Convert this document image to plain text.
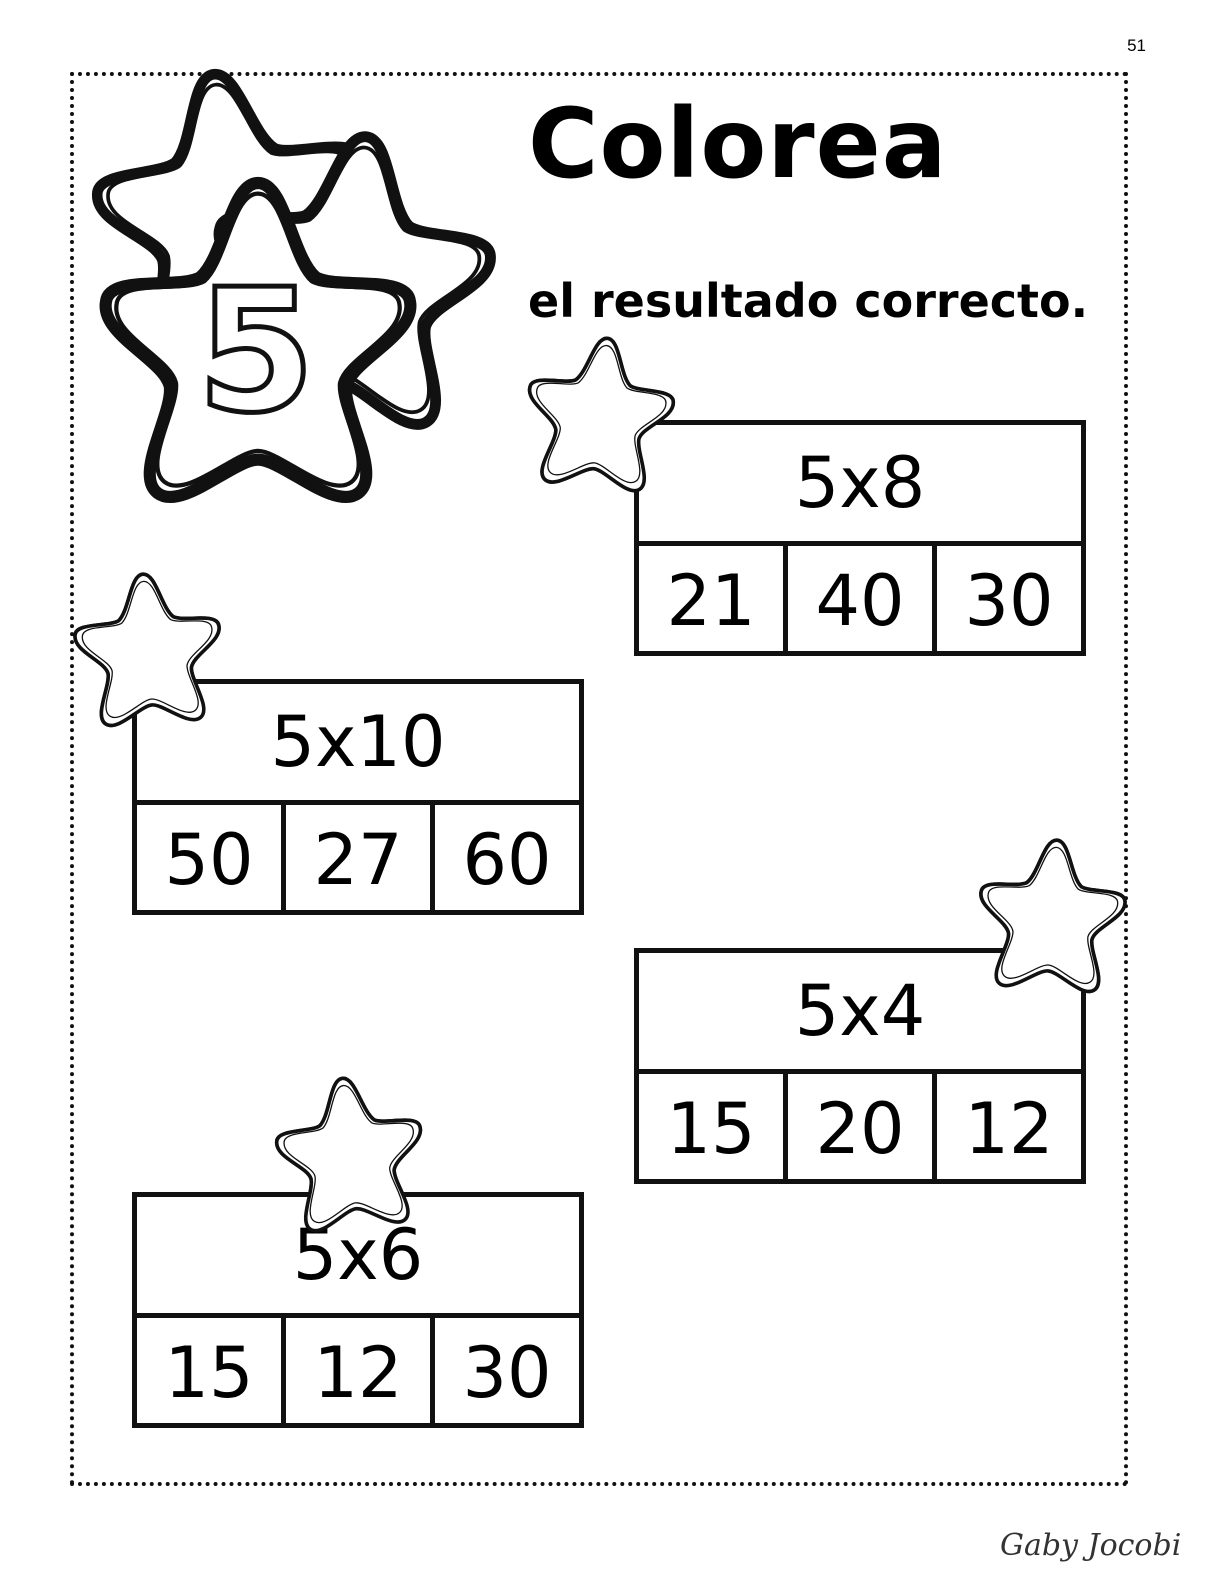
51
5
Colorea
el resultado correcto.
5x8
21 40 30
5x10
50 27 60
5x4
15 20 12
5x6
15 12 30
Gaby Jocobi
